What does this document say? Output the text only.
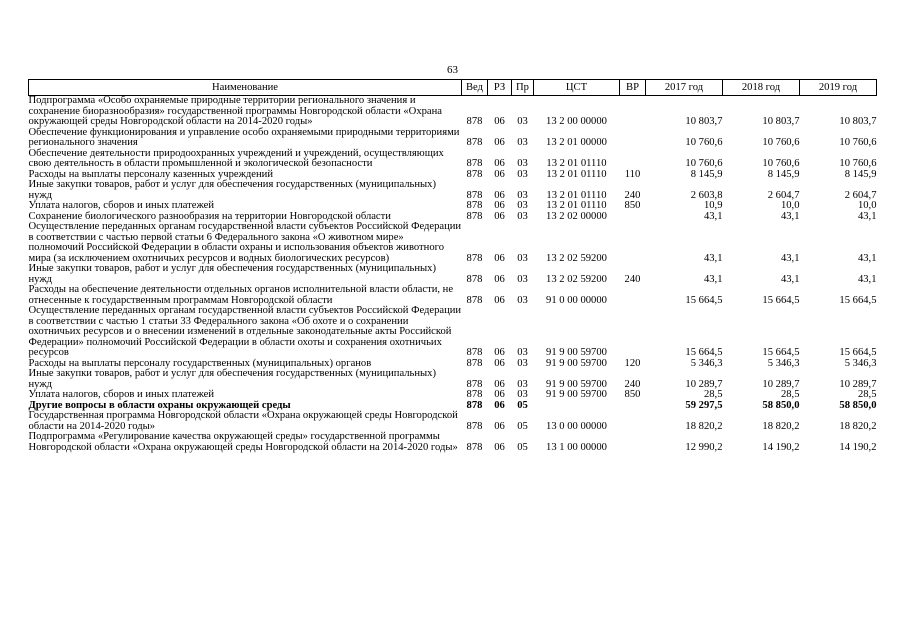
63
Наименование	Вед	РЗ	Пр	ЦСТ	ВР	2017 год	2018 год	2019 год
Подпрограмма «Особо охраняемые природные территории регионального значения и сохранение биоразнообразия» государственной программы Новгородской области «Охрана окружающей среды Новгородской области на 2014-2020 годы»	878	06	03	13 2 00 00000		10 803,7	10 803,7	10 803,7
Обеспечение функционирования и управление особо охраняемыми природными территориями регионального значения	878	06	03	13 2 01 00000		10 760,6	10 760,6	10 760,6
Обеспечение деятельности природоохранных учреждений и учреждений, осуществляющих свою деятельность в области промышленной и экологической безопасности	878	06	03	13 2 01 01110		10 760,6	10 760,6	10 760,6
Расходы на выплаты персоналу казенных учреждений	878	06	03	13 2 01 01110	110	8 145,9	8 145,9	8 145,9
Иные закупки товаров, работ и услуг для обеспечения государственных (муниципальных) нужд	878	06	03	13 2 01 01110	240	2 603,8	2 604,7	2 604,7
Уплата налогов, сборов и иных платежей	878	06	03	13 2 01 01110	850	10,9	10,0	10,0
Сохранение биологического разнообразия на территории Новгородской области	878	06	03	13 2 02 00000		43,1	43,1	43,1
Осуществление переданных органам государственной власти субъектов Российской Федерации в соответствии с частью первой статьи 6 Федерального закона «О животном мире» полномочий Российской Федерации в области охраны и использования объектов животного мира (за исключением охотничьих ресурсов и водных биологических ресурсов)	878	06	03	13 2 02 59200		43,1	43,1	43,1
Иные закупки товаров, работ и услуг для обеспечения государственных (муниципальных) нужд	878	06	03	13 2 02 59200	240	43,1	43,1	43,1
Расходы на обеспечение деятельности отдельных органов исполнительной власти области, не отнесенные к государственным программам Новгородской области	878	06	03	91 0 00 00000		15 664,5	15 664,5	15 664,5
Осуществление переданных органам государственной власти субъектов Российской Федерации в соответствии с частью 1 статьи 33 Федерального закона «Об охоте и о сохранении охотничьих ресурсов и о внесении изменений в отдельные законодательные акты Российской Федерации» полномочий Российской Федерации в области охоты и сохранения охотничьих ресурсов	878	06	03	91 9 00 59700		15 664,5	15 664,5	15 664,5
Расходы на выплаты персоналу государственных (муниципальных) органов	878	06	03	91 9 00 59700	120	5 346,3	5 346,3	5 346,3
Иные закупки товаров, работ и услуг для обеспечения государственных (муниципальных) нужд	878	06	03	91 9 00 59700	240	10 289,7	10 289,7	10 289,7
Уплата налогов, сборов и иных платежей	878	06	03	91 9 00 59700	850	28,5	28,5	28,5
Другие вопросы в области охраны окружающей среды	878	06	05			59 297,5	58 850,0	58 850,0
Государственная программа Новгородской области «Охрана окружающей среды Новгородской области на 2014-2020 годы»	878	06	05	13 0 00 00000		18 820,2	18 820,2	18 820,2
Подпрограмма «Регулирование качества окружающей среды» государственной программы Новгородской области «Охрана окружающей среды Новгородской области на 2014-2020 годы»	878	06	05	13 1 00 00000		12 990,2	14 190,2	14 190,2
